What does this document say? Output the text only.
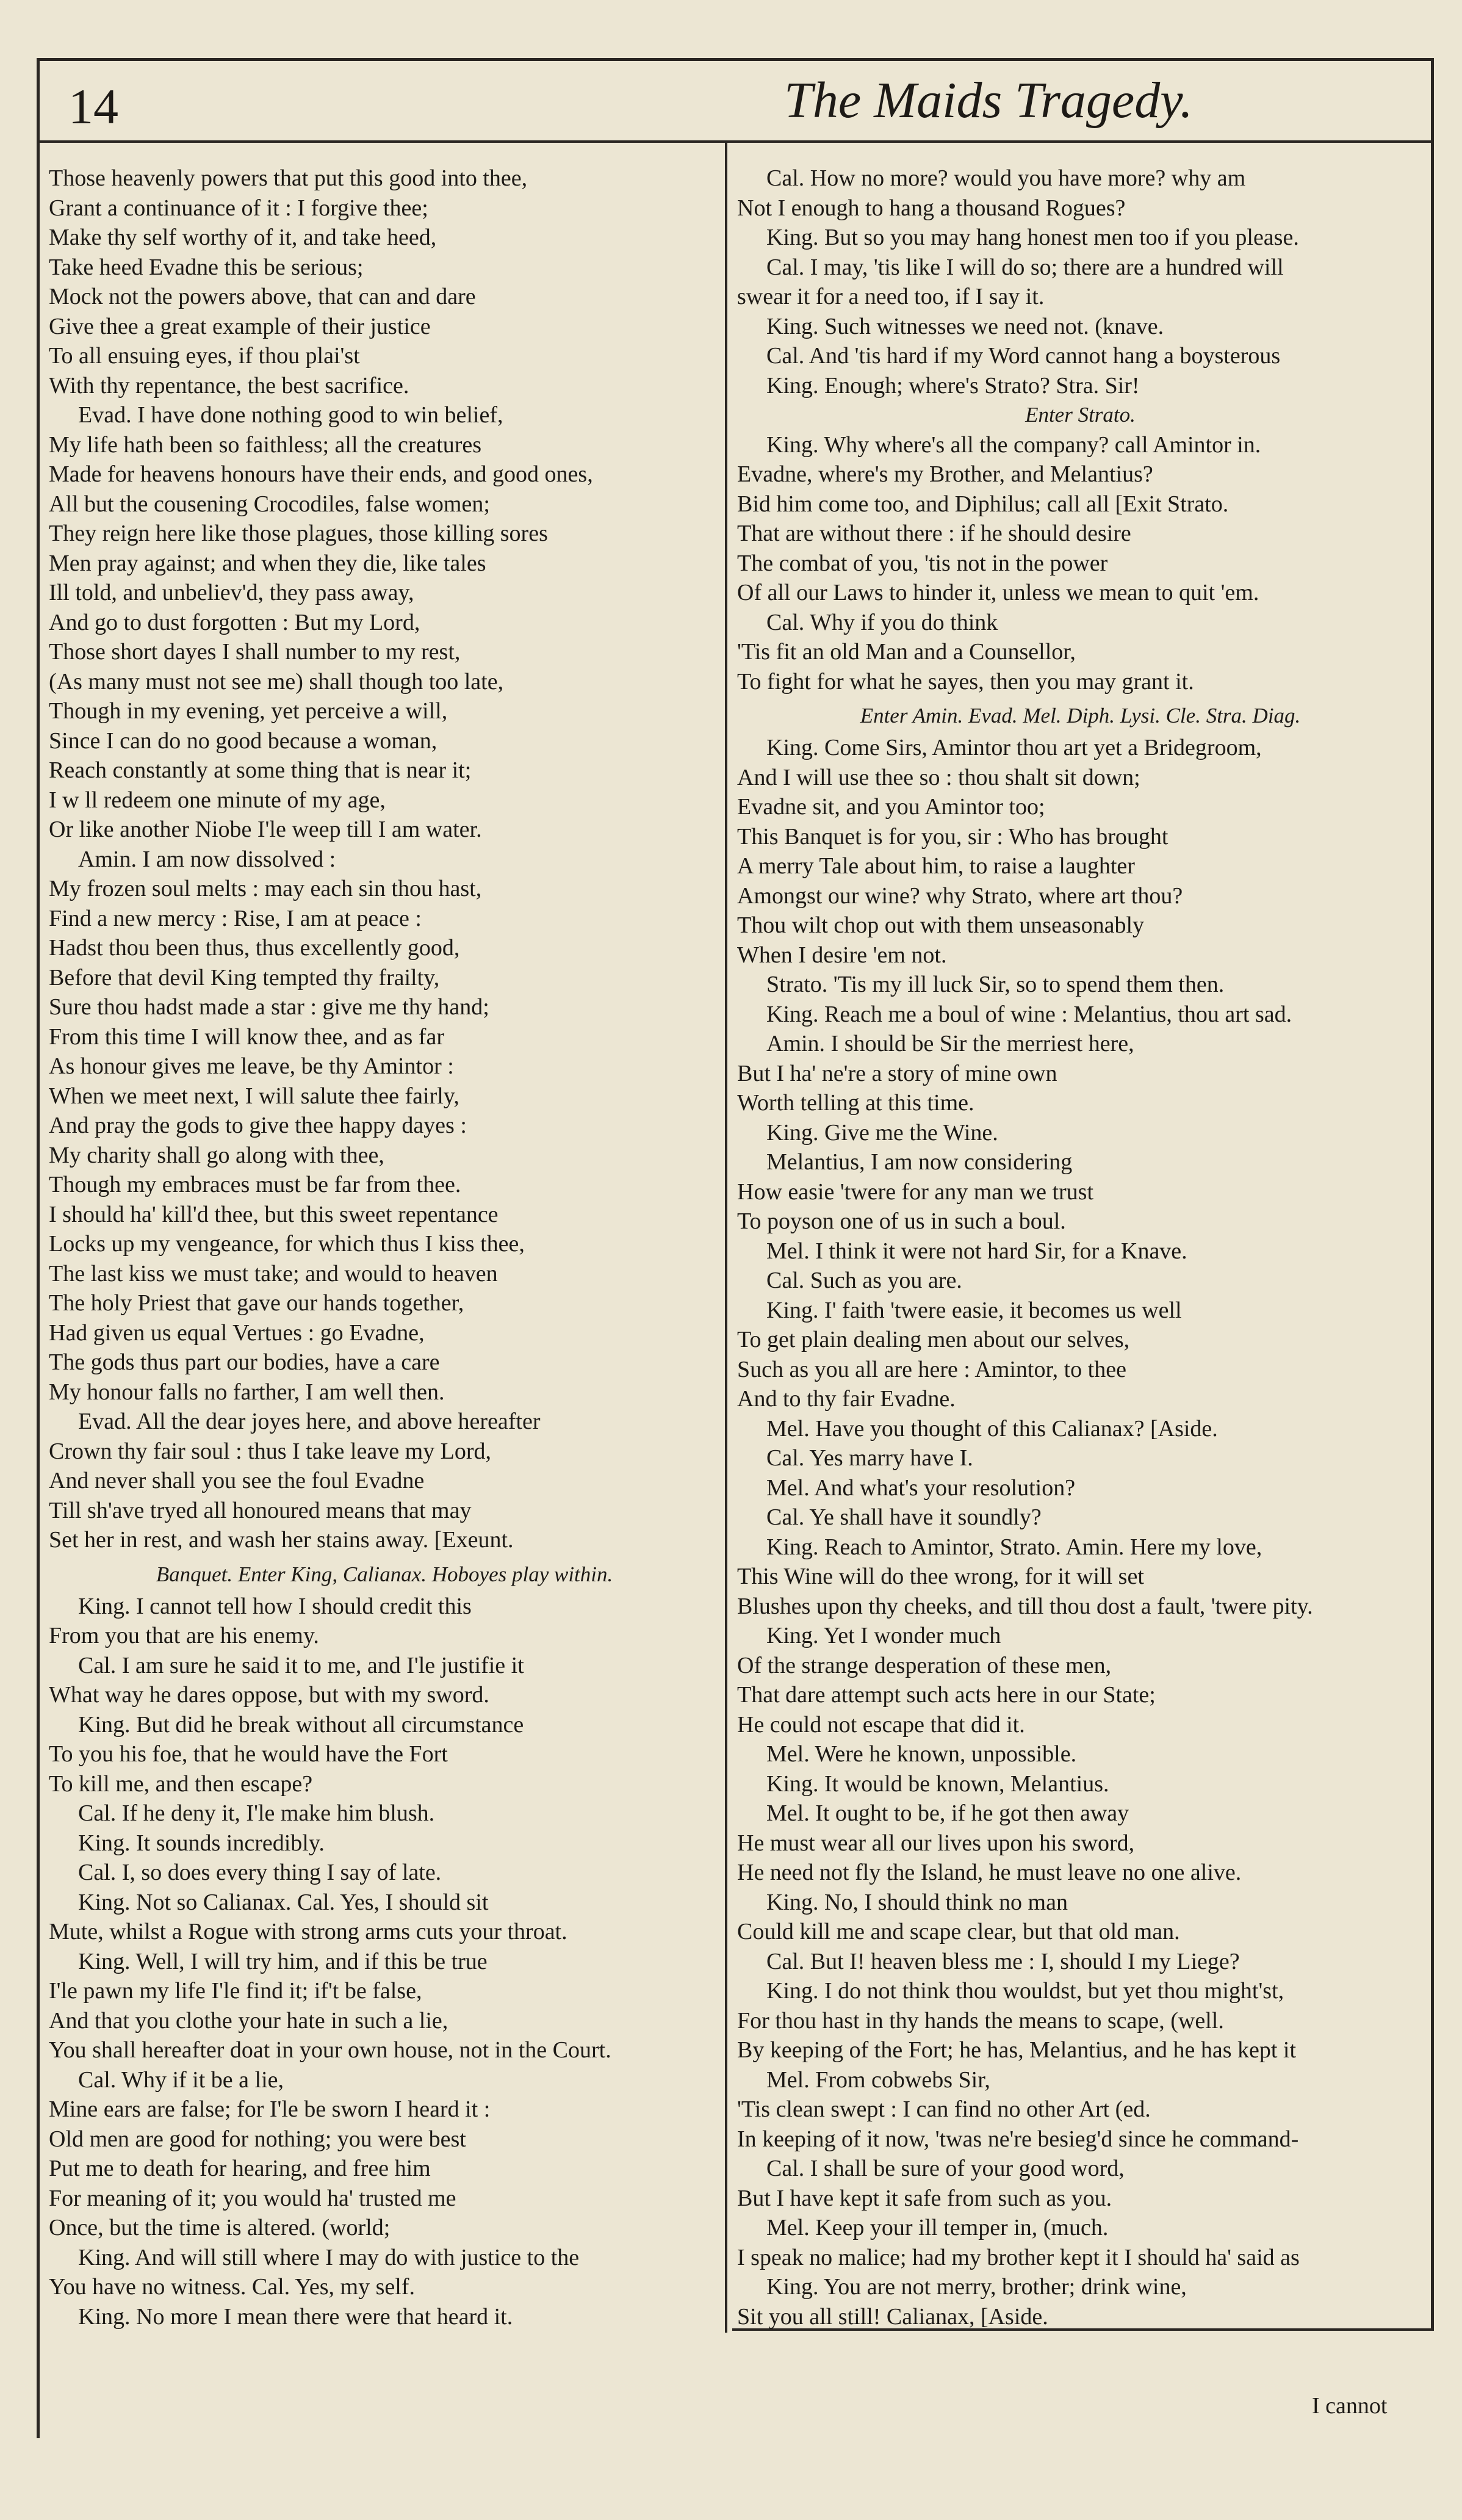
14	The Maids Tragedy.
Those heavenly powers that put this good into thee,
Grant a continuance of it : I forgive thee;
Make thy self worthy of it, and take heed,
Take heed Evadne this be serious;
Mock not the powers above, that can and dare
Give thee a great example of their justice
To all ensuing eyes, if thou plai'st
With thy repentance, the best sacrifice.
Evad. I have done nothing good to win belief,
My life hath been so faithless; all the creatures
Made for heavens honours have their ends, and good ones,
All but the cousening Crocodiles, false women;
They reign here like those plagues, those killing sores
Men pray against; and when they die, like tales
Ill told, and unbeliev'd, they pass away,
And go to dust forgotten : But my Lord,
Those short dayes I shall number to my rest,
(As many must not see me) shall though too late,
Though in my evening, yet perceive a will,
Since I can do no good because a woman,
Reach constantly at some thing that is near it;
I w ll redeem one minute of my age,
Or like another Niobe I'le weep till I am water.
Amin. I am now dissolved :
My frozen soul melts : may each sin thou hast,
Find a new mercy : Rise, I am at peace :
Hadst thou been thus, thus excellently good,
Before that devil King tempted thy frailty,
Sure thou hadst made a star : give me thy hand;
From this time I will know thee, and as far
As honour gives me leave, be thy Amintor :
When we meet next, I will salute thee fairly,
And pray the gods to give thee happy dayes :
My charity shall go along with thee,
Though my embraces must be far from thee.
I should ha' kill'd thee, but this sweet repentance
Locks up my vengeance, for which thus I kiss thee,
The last kiss we must take; and would to heaven
The holy Priest that gave our hands together,
Had given us equal Vertues : go Evadne,
The gods thus part our bodies, have a care
My honour falls no farther, I am well then.
Evad. All the dear joyes here, and above hereafter
Crown thy fair soul : thus I take leave my Lord,
And never shall you see the foul Evadne
Till sh'ave tryed all honoured means that may
Set her in rest, and wash her stains away. [Exeunt.
Banquet. Enter King, Calianax. Hoboyes play within.
King. I cannot tell how I should credit this
From you that are his enemy.
Cal. I am sure he said it to me, and I'le justifie it
What way he dares oppose, but with my sword.
King. But did he break without all circumstance
To you his foe, that he would have the Fort
To kill me, and then escape?
Cal. If he deny it, I'le make him blush.
King. It sounds incredibly.
Cal. I, so does every thing I say of late.
King. Not so Calianax. Cal. Yes, I should sit
Mute, whilst a Rogue with strong arms cuts your throat.
King. Well, I will try him, and if this be true
I'le pawn my life I'le find it; if't be false,
And that you clothe your hate in such a lie,
You shall hereafter doat in your own house, not in the Court.
Cal. Why if it be a lie,
Mine ears are false; for I'le be sworn I heard it :
Old men are good for nothing; you were best
Put me to death for hearing, and free him
For meaning of it; you would ha' trusted me
Once, but the time is altered. (world;
King. And will still where I may do with justice to the
You have no witness. Cal. Yes, my self.
King. No more I mean there were that heard it.
Cal. How no more? would you have more? why am
Not I enough to hang a thousand Rogues?
King. But so you may hang honest men too if you please.
Cal. I may, 'tis like I will do so; there are a hundred will
swear it for a need too, if I say it.
King. Such witnesses we need not. (knave.
Cal. And 'tis hard if my Word cannot hang a boysterous
King. Enough; where's Strato? Stra. Sir!
Enter Strato.
King. Why where's all the company? call Amintor in.
Evadne, where's my Brother, and Melantius?
Bid him come too, and Diphilus; call all [Exit Strato.
That are without there : if he should desire
The combat of you, 'tis not in the power
Of all our Laws to hinder it, unless we mean to quit 'em.
Cal. Why if you do think
'Tis fit an old Man and a Counsellor,
To fight for what he sayes, then you may grant it.
Enter Amin. Evad. Mel. Diph. Lysi. Cle. Stra. Diag.
King. Come Sirs, Amintor thou art yet a Bridegroom,
And I will use thee so : thou shalt sit down;
Evadne sit, and you Amintor too;
This Banquet is for you, sir : Who has brought
A merry Tale about him, to raise a laughter
Amongst our wine? why Strato, where art thou?
Thou wilt chop out with them unseasonably
When I desire 'em not.
Strato. 'Tis my ill luck Sir, so to spend them then.
King. Reach me a boul of wine : Melantius, thou art sad.
Amin. I should be Sir the merriest here,
But I ha' ne're a story of mine own
Worth telling at this time.
King. Give me the Wine.
Melantius, I am now considering
How easie 'twere for any man we trust
To poyson one of us in such a boul.
Mel. I think it were not hard Sir, for a Knave.
Cal. Such as you are.
King. I' faith 'twere easie, it becomes us well
To get plain dealing men about our selves,
Such as you all are here : Amintor, to thee
And to thy fair Evadne.
Mel. Have you thought of this Calianax? [Aside.
Cal. Yes marry have I.
Mel. And what's your resolution?
Cal. Ye shall have it soundly?
King. Reach to Amintor, Strato. Amin. Here my love,
This Wine will do thee wrong, for it will set
Blushes upon thy cheeks, and till thou dost a fault, 'twere pity.
King. Yet I wonder much
Of the strange desperation of these men,
That dare attempt such acts here in our State;
He could not escape that did it.
Mel. Were he known, unpossible.
King. It would be known, Melantius.
Mel. It ought to be, if he got then away
He must wear all our lives upon his sword,
He need not fly the Island, he must leave no one alive.
King. No, I should think no man
Could kill me and scape clear, but that old man.
Cal. But I! heaven bless me : I, should I my Liege?
King. I do not think thou wouldst, but yet thou might'st,
For thou hast in thy hands the means to scape, (well.
By keeping of the Fort; he has, Melantius, and he has kept it
Mel. From cobwebs Sir,
'Tis clean swept : I can find no other Art (ed.
In keeping of it now, 'twas ne're besieg'd since he command-
Cal. I shall be sure of your good word,
But I have kept it safe from such as you.
Mel. Keep your ill temper in, (much.
I speak no malice; had my brother kept it I should ha' said as
King. You are not merry, brother; drink wine,
Sit you all still! Calianax, [Aside.
I cannot
